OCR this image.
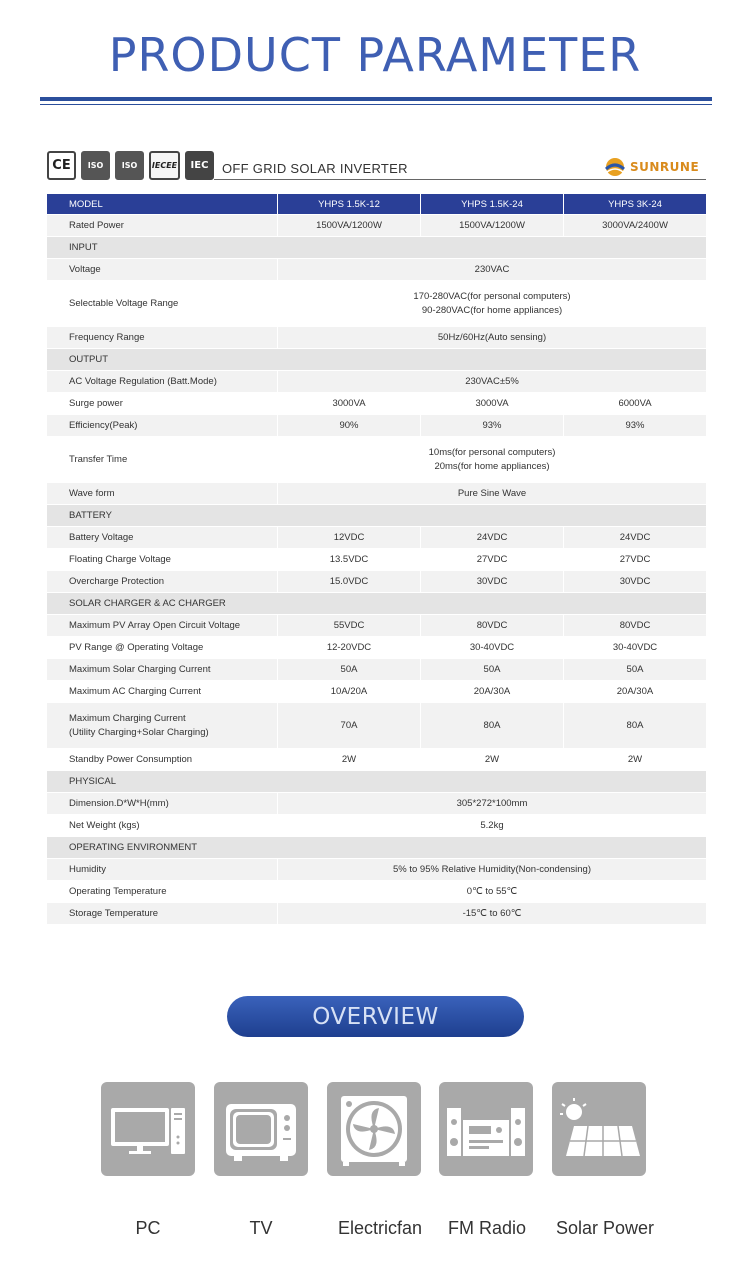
PRODUCT PARAMETER
CE	ISO	ISO	IECEE	IEC	OFF GRID SOLAR INVERTER	SUNRUNE
MODEL	YHPS 1.5K-12	YHPS 1.5K-24	YHPS 3K-24
Rated Power	1500VA/1200W	1500VA/1200W	3000VA/2400W
INPUT			
Voltage	230VAC		

Selectable Voltage Range	170-280VAC(for personal computers)
90-280VAC(for home appliances)		

Frequency Range	50Hz/60Hz(Auto sensing)		

OUTPUT			
AC Voltage Regulation (Batt.Mode)	230VAC±5%		

Surge power	3000VA	3000VA	6000VA
Efficiency(Peak)	90%	93%	93%
Transfer Time	10ms(for personal computers)
20ms(for home appliances)		

Wave form	Pure Sine Wave		

BATTERY			
Battery Voltage	12VDC	24VDC	24VDC
Floating Charge Voltage	13.5VDC	27VDC	27VDC
Overcharge Protection	15.0VDC	30VDC	30VDC
SOLAR CHARGER & AC CHARGER			
Maximum PV Array Open Circuit Voltage	55VDC	80VDC	80VDC
PV Range @ Operating Voltage	12-20VDC	30-40VDC	30-40VDC
Maximum Solar Charging Current	50A	50A	50A
Maximum AC Charging Current	10A/20A	20A/30A	20A/30A

Maximum Charging Current
(Utility Charging+Solar Charging)	70A	80A	80A
Standby Power Consumption	2W	2W	2W
PHYSICAL			
Dimension.D*W*H(mm)	305*272*100mm		

Net Weight (kgs)	5.2kg		

OPERATING ENVIRONMENT			
Humidity	5% to 95% Relative Humidity(Non-condensing)		

Operating Temperature	0℃ to 55℃		

Storage Temperature	-15℃ to 60℃		
OVERVIEW
PC	TV	Electricfan	FM Radio	Solar Power
